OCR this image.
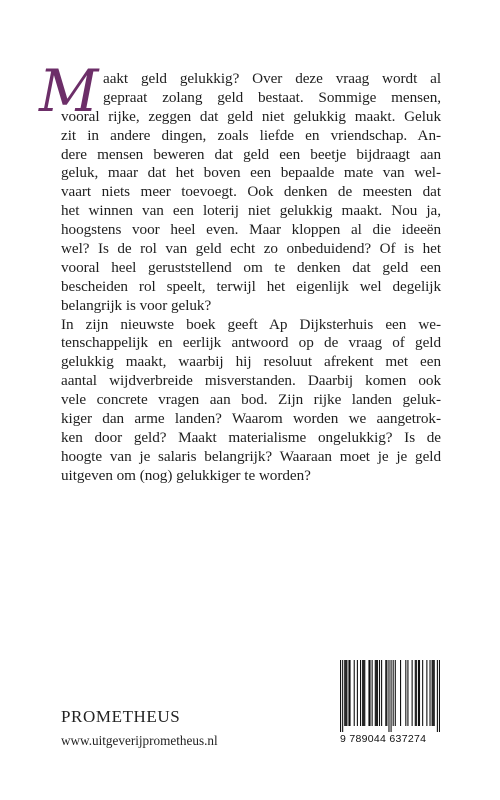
M aakt geld gelukkig? Over deze vraag wordt al
gepraat zolang geld bestaat. Sommige mensen,
vooral rijke, zeggen dat geld niet gelukkig maakt. Geluk
zit in andere dingen, zoals liefde en vriendschap. An-
dere mensen beweren dat geld een beetje bijdraagt aan
geluk, maar dat het boven een bepaalde mate van wel-
vaart niets meer toevoegt. Ook denken de meesten dat
het winnen van een loterij niet gelukkig maakt. Nou ja,
hoogstens voor heel even. Maar kloppen al die ideeën
wel? Is de rol van geld echt zo onbeduidend? Of is het
vooral heel geruststellend om te denken dat geld een
bescheiden rol speelt, terwijl het eigenlijk wel degelijk
belangrijk is voor geluk?
In zijn nieuwste boek geeft Ap Dijksterhuis een we-
tenschappelijk en eerlijk antwoord op de vraag of geld
gelukkig maakt, waarbij hij resoluut afrekent met een
aantal wijdverbreide misverstanden. Daarbij komen ook
vele concrete vragen aan bod. Zijn rijke landen geluk-
kiger dan arme landen? Waarom worden we aangetrok-
ken door geld? Maakt materialisme ongelukkig? Is de
hoogte van je salaris belangrijk? Waaraan moet je je geld
uitgeven om (nog) gelukkiger te worden?
PROMETHEUS
www.uitgeverijprometheus.nl	9 789044 637274
